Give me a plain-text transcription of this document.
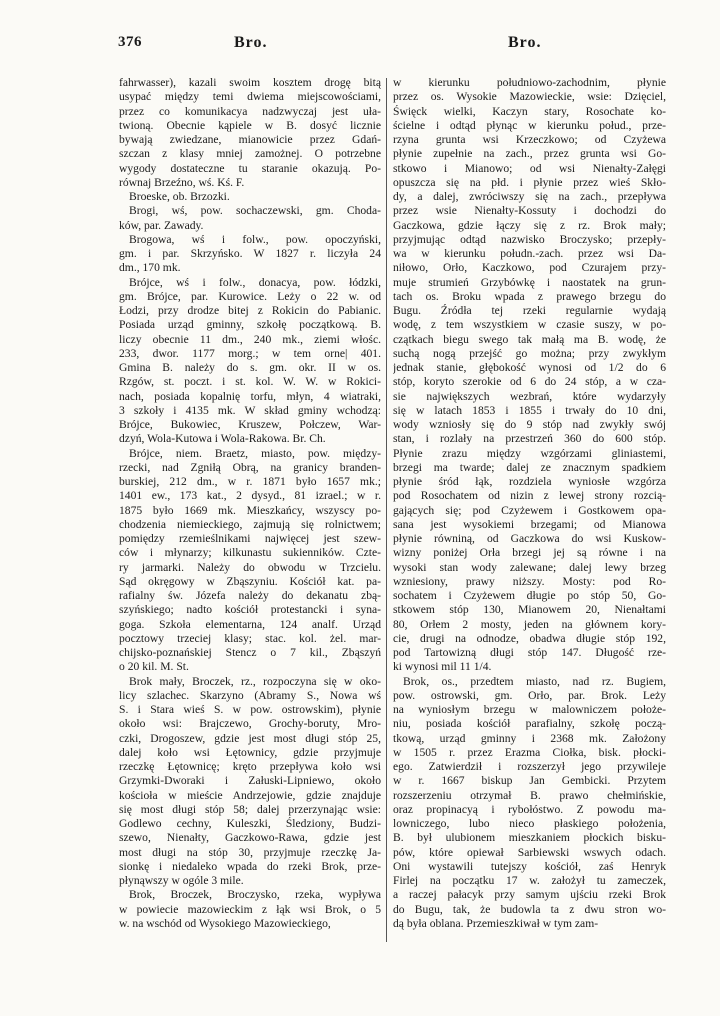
376	Bro.	Bro.
fahrwasser), kazali swoim kosztem drogę bitą
usypać między temi dwiema miejscowościami,
przez co komunikacya nadzwyczaj jest uła-
twioną. Obecnie kąpiele w B. dosyć licznie
bywają zwiedzane, mianowicie przez Gdań-
szczan z klasy mniej zamożnej. O potrzebne
wygody dostateczne tu staranie okazują. Po-
równaj Brzeźno, wś. Kś. F.
Broeske, ob. Brzozki.
Brogi, wś, pow. sochaczewski, gm. Choda-
ków, par. Zawady.
Brogowa, wś i folw., pow. opoczyński,
gm. i par. Skrzyńsko. W 1827 r. liczyła 24
dm., 170 mk.
Brójce, wś i folw., donacya, pow. łódzki,
gm. Brójce, par. Kurowice. Leży o 22 w. od
Łodzi, przy drodze bitej z Rokicin do Pabianic.
Posiada urząd gminny, szkołę początkową. B.
liczy obecnie 11 dm., 240 mk., ziemi włośc.
233, dwor. 1177 morg.; w tem orne| 401.
Gmina B. należy do s. gm. okr. II w os.
Rzgów, st. poczt. i st. kol. W. W. w Rokici-
nach, posiada kopalnię torfu, młyn, 4 wiatraki,
3 szkoły i 4135 mk. W skład gminy wchodzą:
Brójce, Bukowiec, Kruszew, Połczew, War-
dzyń, Wola-Kutowa i Wola-Rakowa. Br. Ch.
Brójce, niem. Braetz, miasto, pow. między-
rzecki, nad Zgniłą Obrą, na granicy branden-
burskiej, 212 dm., w r. 1871 było 1657 mk.;
1401 ew., 173 kat., 2 dysyd., 81 izrael.; w r.
1875 było 1669 mk. Mieszkańcy, wszyscy po-
chodzenia niemieckiego, zajmują się rolnictwem;
pomiędzy rzemieślnikami najwięcej jest szew-
ców i młynarzy; kilkunastu sukienników. Czte-
ry jarmarki. Należy do obwodu w Trzcielu.
Sąd okręgowy w Zbąszyniu. Kościół kat. pa-
rafialny św. Józefa należy do dekanatu zbą-
szyńskiego; nadto kościół protestancki i syna-
goga. Szkoła elementarna, 124 analf. Urząd
pocztowy trzeciej klasy; stac. kol. żel. mar-
chijsko-poznańskiej Stencz o 7 kil., Zbąszyń
o 20 kil. M. St.
Brok mały, Broczek, rz., rozpoczyna się w oko-
licy szlachec. Skarzyno (Abramy S., Nowa wś
S. i Stara wieś S. w pow. ostrowskim), płynie
około wsi: Brajczewo, Grochy-boruty, Mro-
czki, Drogoszew, gdzie jest most długi stóp 25,
dalej koło wsi Łętownicy, gdzie przyjmuje
rzeczkę Łętownicę; kręto przepływa koło wsi
Grzymki-Dworaki i Załuski-Lipniewo, około
kościoła w mieście Andrzejowie, gdzie znajduje
się most długi stóp 58; dalej przerzynając wsie:
Godlewo cechny, Kuleszki, Śledziony, Budzi-
szewo, Nienałty, Gaczkowo-Rawa, gdzie jest
most długi na stóp 30, przyjmuje rzeczkę Ja-
sionkę i niedaleko wpada do rzeki Brok, prze-
płynąwszy w ogóle 3 mile.
Brok, Broczek, Broczysko, rzeka, wypływa
w powiecie mazowieckim z łąk wsi Brok, o 5
w. na wschód od Wysokiego Mazowieckiego,
w kierunku południowo-zachodnim, płynie
przez os. Wysokie Mazowieckie, wsie: Dzięciel,
Święck wielki, Kaczyn stary, Rosochate ko-
ścielne i odtąd płynąc w kierunku połud., prze-
rzyna grunta wsi Krzeczkowo; od Czyżewa
płynie zupełnie na zach., przez grunta wsi Go-
stkowo i Mianowo; od wsi Nienałty-Załęgi
opuszcza się na płd. i płynie przez wieś Skło-
dy, a dalej, zwróciwszy się na zach., przepływa
przez wsie Nienałty-Kossuty i dochodzi do
Gaczkowa, gdzie łączy się z rz. Brok mały;
przyjmując odtąd nazwisko Broczysko; przepły-
wa w kierunku połudn.-zach. przez wsi Da-
niłowo, Orło, Kaczkowo, pod Czurajem przy-
muje strumień Grzybówkę i naostatek na grun-
tach os. Broku wpada z prawego brzegu do
Bugu. Źródła tej rzeki regularnie wydają
wodę, z tem wszystkiem w czasie suszy, w po-
czątkach biegu swego tak małą ma B. wodę, że
suchą nogą przejść go można; przy zwykłym
jednak stanie, głębokość wynosi od 1/2 do 6
stóp, koryto szerokie od 6 do 24 stóp, a w cza-
sie największych wezbrań, które wydarzyły
się w latach 1853 i 1855 i trwały do 10 dni,
wody wzniosły się do 9 stóp nad zwykły swój
stan, i rozlały na przestrzeń 360 do 600 stóp.
Płynie zrazu między wzgórzami gliniastemi,
brzegi ma twarde; dalej ze znacznym spadkiem
płynie śród łąk, rozdziela wyniosłe wzgórza
pod Rosochatem od nizin z lewej strony rozcią-
gających się; pod Czyżewem i Gostkowem opa-
sana jest wysokiemi brzegami; od Mianowa
płynie równiną, od Gaczkowa do wsi Kuskow-
wizny poniżej Orła brzegi jej są równe i na
wysoki stan wody zalewane; dalej lewy brzeg
wzniesiony, prawy niższy. Mosty: pod Ro-
sochatem i Czyżewem długie po stóp 50, Go-
stkowem stóp 130, Mianowem 20, Nienałtami
80, Orłem 2 mosty, jeden na głównem kory-
cie, drugi na odnodze, obadwa długie stóp 192,
pod Tartowizną długi stóp 147. Długość rze-
ki wynosi mil 11 1/4.
Brok, os., przedtem miasto, nad rz. Bugiem,
pow. ostrowski, gm. Orło, par. Brok. Leży
na wyniosłym brzegu w malowniczem położe-
niu, posiada kościół parafialny, szkołę począ-
tkową, urząd gminny i 2368 mk. Założony
w 1505 r. przez Erazma Ciołka, bisk. płocki-
ego. Zatwierdził i rozszerzył jego przywileje
w r. 1667 biskup Jan Gembicki. Przytem
rozszerzeniu otrzymał B. prawo chełmińskie,
oraz propinacyą i rybołóstwo. Z powodu ma-
lowniczego, lubo nieco płaskiego położenia,
B. był ulubionem mieszkaniem płockich bisku-
pów, które opiewał Sarbiewski wswych odach.
Oni wystawili tutejszy kościół, zaś Henryk
Firlej na początku 17 w. założył tu zameczek,
a raczej pałacyk przy samym ujściu rzeki Brok
do Bugu, tak, że budowla ta z dwu stron wo-
dą była oblana. Przemieszkiwał w tym zam-
